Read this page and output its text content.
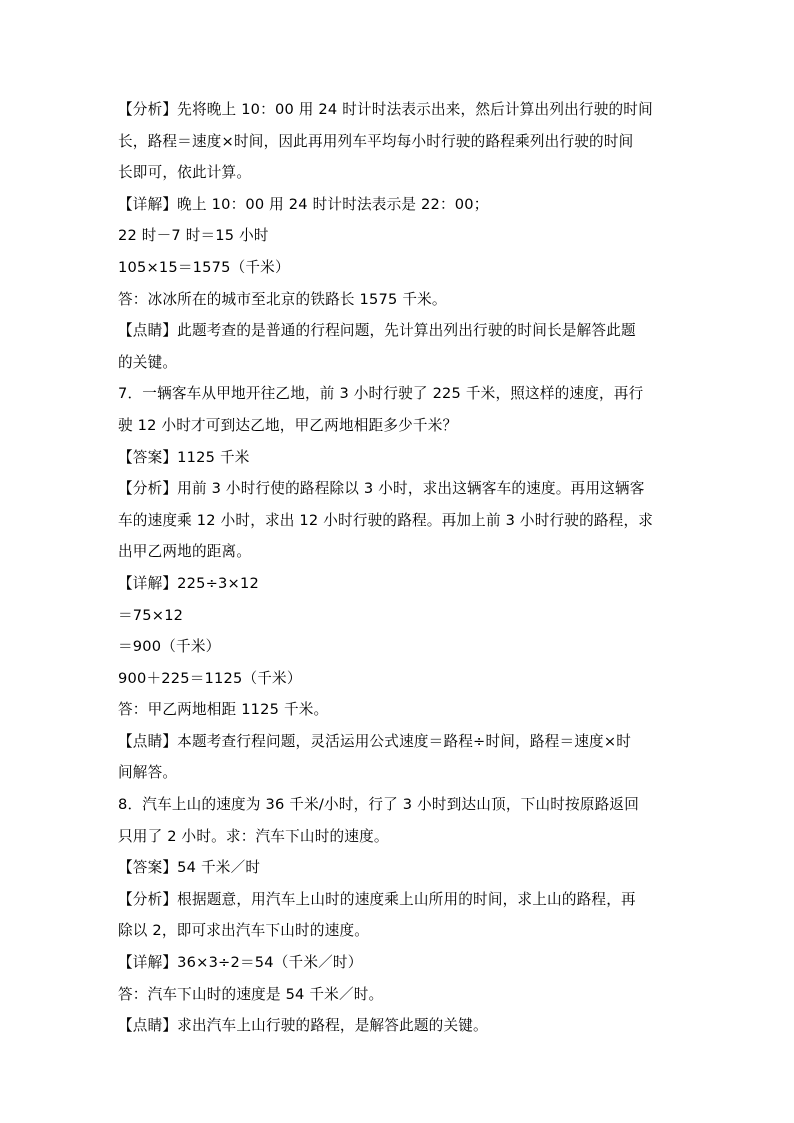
【分析】先将晚上 10：00 用 24 时计时法表示出来，然后计算出列出行驶的时间

长，路程＝速度×时间，因此再用列车平均每小时行驶的路程乘列出行驶的时间

长即可，依此计算。

【详解】晚上 10：00 用 24 时计时法表示是 22：00；

22 时－7 时＝15 小时

105×15＝1575（千米）

答：冰冰所在的城市至北京的铁路长 1575 千米。

【点睛】此题考查的是普通的行程问题，先计算出列出行驶的时间长是解答此题

的关键。

7．一辆客车从甲地开往乙地，前 3 小时行驶了 225 千米，照这样的速度，再行

驶 12 小时才可到达乙地，甲乙两地相距多少千米？

【答案】1125 千米

【分析】用前 3 小时行使的路程除以 3 小时，求出这辆客车的速度。再用这辆客

车的速度乘 12 小时，求出 12 小时行驶的路程。再加上前 3 小时行驶的路程，求

出甲乙两地的距离。

【详解】225÷3×12

＝75×12

＝900（千米）

900＋225＝1125（千米）

答：甲乙两地相距 1125 千米。

【点睛】本题考查行程问题，灵活运用公式速度＝路程÷时间，路程＝速度×时

间解答。

8．汽车上山的速度为 36 千米/小时，行了 3 小时到达山顶，下山时按原路返回

只用了 2 小时。求：汽车下山时的速度。

【答案】54 千米／时

【分析】根据题意，用汽车上山时的速度乘上山所用的时间，求上山的路程，再

除以 2，即可求出汽车下山时的速度。

【详解】36×3÷2＝54（千米／时）

答：汽车下山时的速度是 54 千米／时。

【点睛】求出汽车上山行驶的路程，是解答此题的关键。
